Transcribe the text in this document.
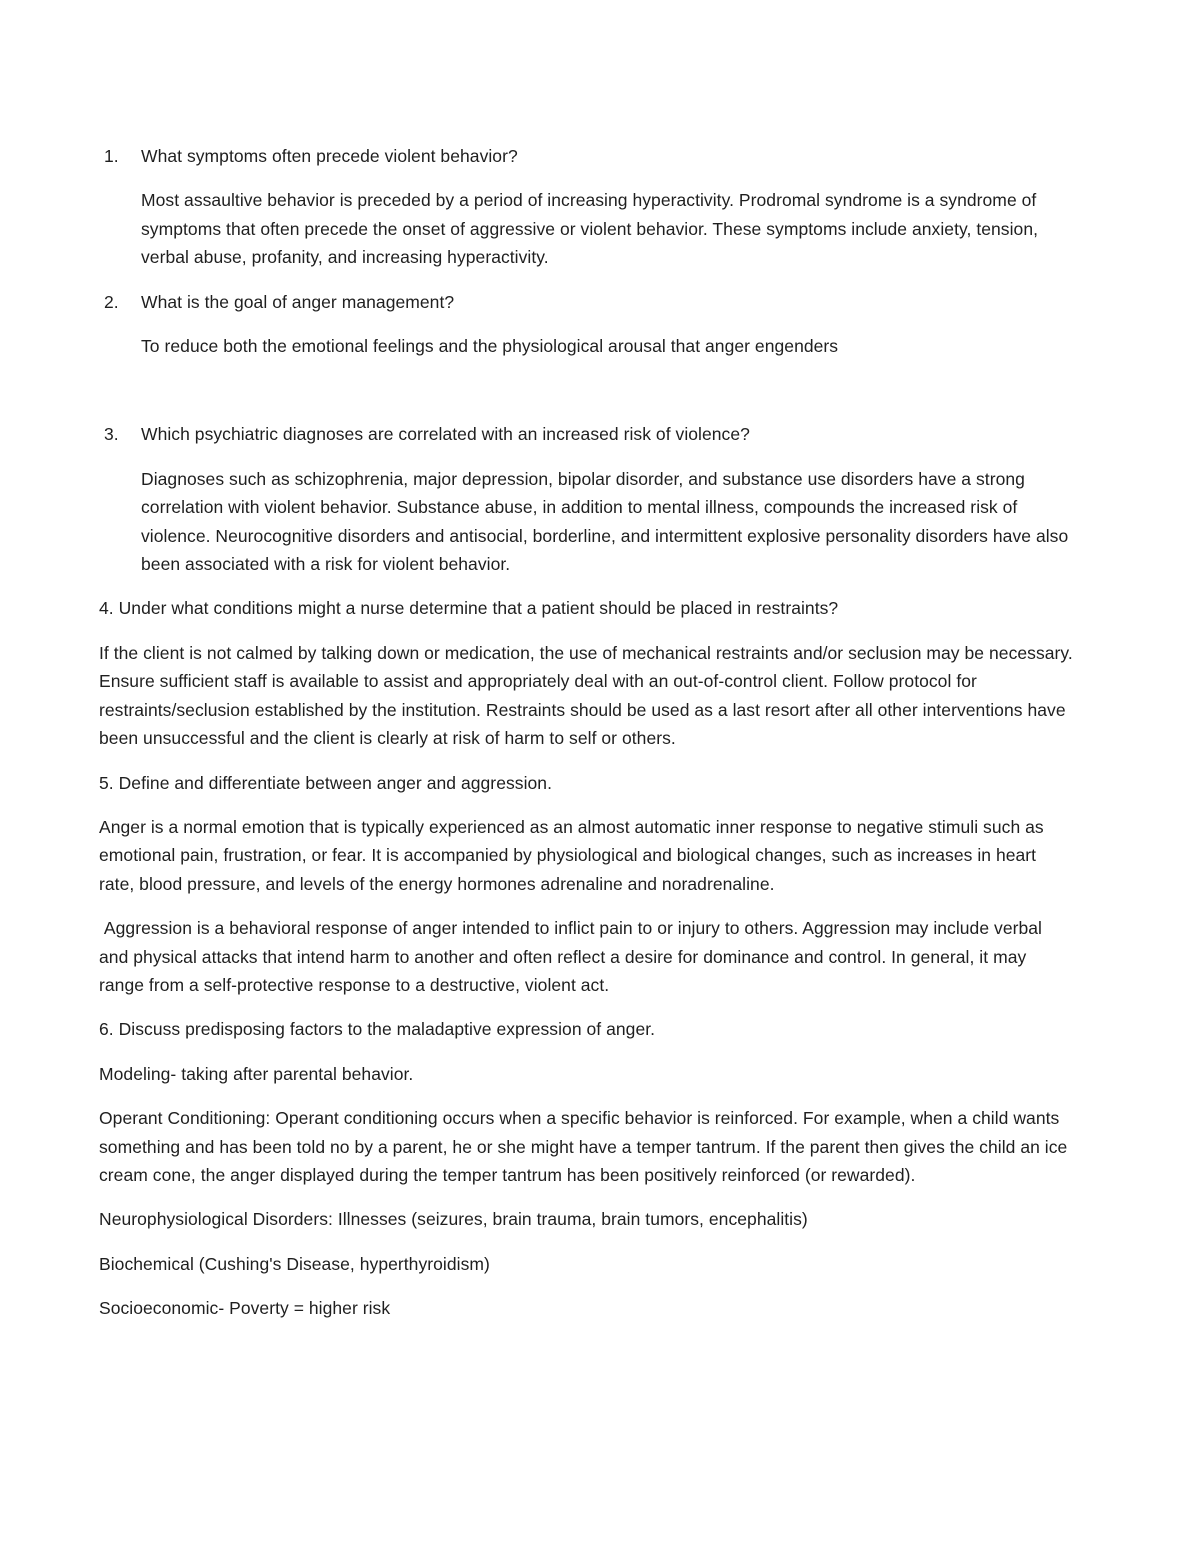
1.	What symptoms often precede violent behavior?

Most assaultive behavior is preceded by a period of increasing hyperactivity. Prodromal syndrome is a syndrome of symptoms that often precede the onset of aggressive or violent behavior. These symptoms include anxiety, tension, verbal abuse, profanity, and increasing hyperactivity.

2.	What is the goal of anger management?

To reduce both the emotional feelings and the physiological arousal that anger engenders

3.	Which psychiatric diagnoses are correlated with an increased risk of violence?

Diagnoses such as schizophrenia, major depression, bipolar disorder, and substance use disorders have a strong correlation with violent behavior. Substance abuse, in addition to mental illness, compounds the increased risk of violence. Neurocognitive disorders and antisocial, borderline, and intermittent explosive personality disorders have also been associated with a risk for violent behavior.

4. Under what conditions might a nurse determine that a patient should be placed in restraints?

If the client is not calmed by talking down or medication, the use of mechanical restraints and/or seclusion may be necessary. Ensure sufficient staff is available to assist and appropriately deal with an out-of-control client. Follow protocol for restraints/seclusion established by the institution. Restraints should be used as a last resort after all other interventions have been unsuccessful and the client is clearly at risk of harm to self or others.

5. Define and differentiate between anger and aggression.

Anger is a normal emotion that is typically experienced as an almost automatic inner response to negative stimuli such as emotional pain, frustration, or fear. It is accompanied by physiological and biological changes, such as increases in heart rate, blood pressure, and levels of the energy hormones adrenaline and noradrenaline.

Aggression is a behavioral response of anger intended to inflict pain to or injury to others. Aggression may include verbal and physical attacks that intend harm to another and often reflect a desire for dominance and control. In general, it may range from a self-protective response to a destructive, violent act.

6. Discuss predisposing factors to the maladaptive expression of anger.

Modeling- taking after parental behavior.

Operant Conditioning: Operant conditioning occurs when a specific behavior is reinforced. For example, when a child wants something and has been told no by a parent, he or she might have a temper tantrum. If the parent then gives the child an ice cream cone, the anger displayed during the temper tantrum has been positively reinforced (or rewarded).

Neurophysiological Disorders: Illnesses (seizures, brain trauma, brain tumors, encephalitis)

Biochemical (Cushing's Disease, hyperthyroidism)

Socioeconomic- Poverty = higher risk
